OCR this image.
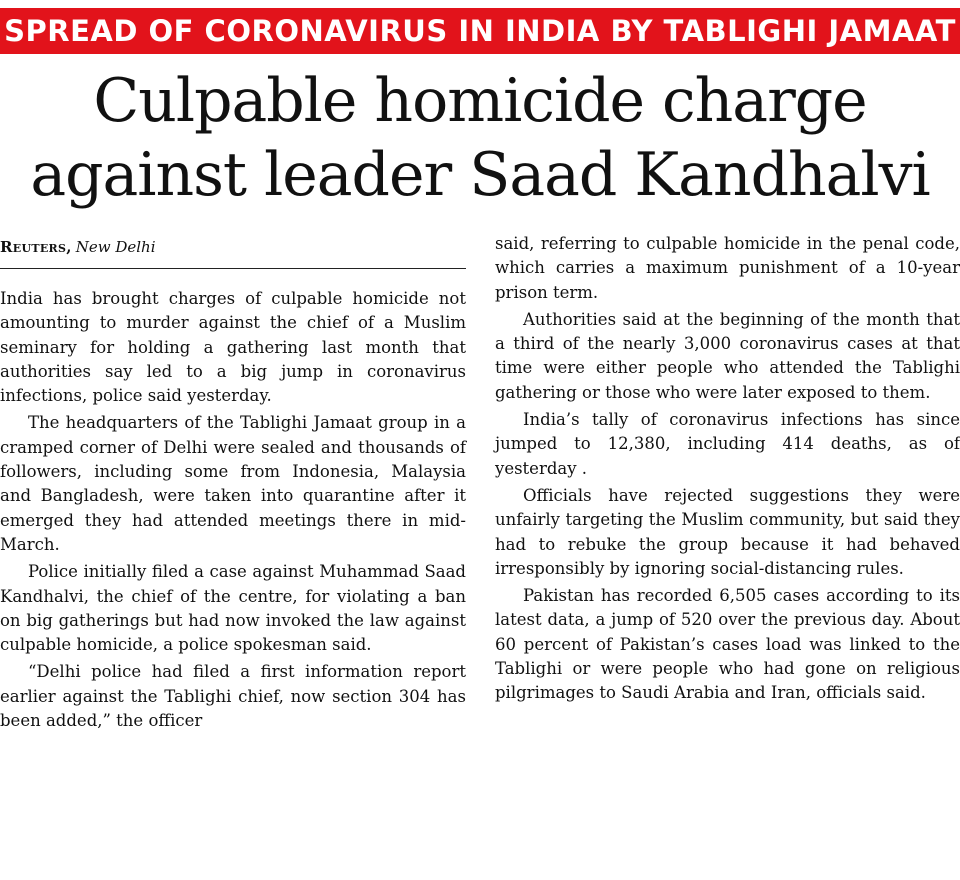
SPREAD OF CORONAVIRUS IN INDIA BY TABLIGHI JAMAAT
Culpable homicide charge
against leader Saad Kandhalvi
Reuters, New Delhi

India has brought charges of culpable homicide not amounting to murder against the chief of a Muslim seminary for holding a gathering last month that authorities say led to a big jump in coronavirus infections, police said yesterday.

The headquarters of the Tablighi Jamaat group in a cramped corner of Delhi were sealed and thousands of followers, including some from Indonesia, Malaysia and Bangladesh, were taken into quarantine after it emerged they had attended meetings there in mid-March.

Police initially filed a case against Muhammad Saad Kandhalvi, the chief of the centre, for violating a ban on big gatherings but had now invoked the law against culpable homicide, a police spokesman said.

“Delhi police had filed a first information report earlier against the Tablighi chief, now section 304 has been added,” the officer

said, referring to culpable homicide in the penal code, which carries a maximum punishment of a 10-year prison term.

Authorities said at the beginning of the month that a third of the nearly 3,000 coronavirus cases at that time were either people who attended the Tablighi gathering or those who were later exposed to them.

India’s tally of coronavirus infections has since jumped to 12,380, including 414 deaths, as of yesterday .

Officials have rejected suggestions they were unfairly targeting the Muslim community, but said they had to rebuke the group because it had behaved irresponsibly by ignoring social-distancing rules.

Pakistan has recorded 6,505 cases according to its latest data, a jump of 520 over the previous day. About 60 percent of Pakistan’s cases load was linked to the Tablighi or were people who had gone on religious pilgrimages to Saudi Arabia and Iran, officials said.
